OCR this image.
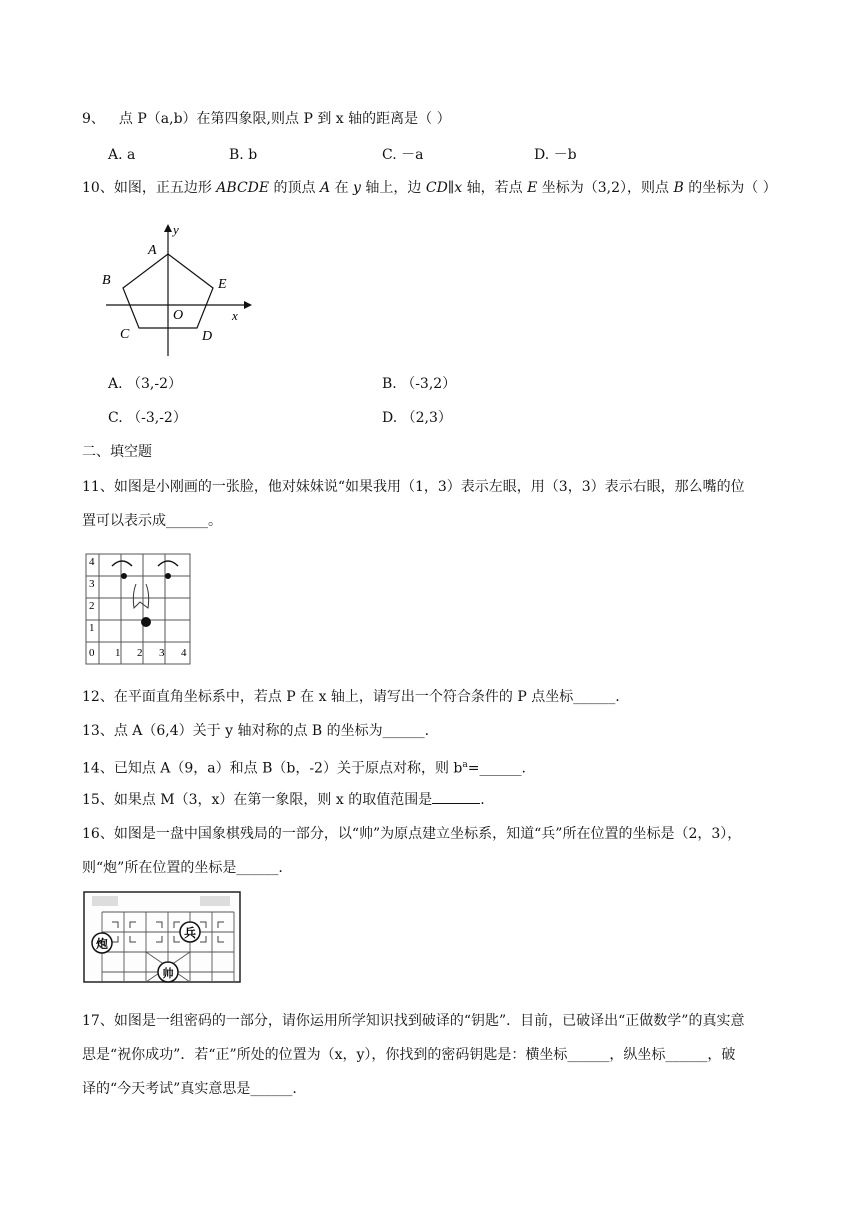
9、 点 P（a,b）在第四象限,则点 P 到 x 轴的距离是（ ）
A. a	B. b	C. －a	D. －b
10、如图，正五边形 ABCDE 的顶点 A 在 y 轴上，边 CD∥x 轴，若点 E 坐标为（3,2），则点 B 的坐标为（ ）
A
B	E
O
C	D
x
y
A. （3,-2）	B. （-3,2）
C. （-3,-2）	D. （2,3）
二、填空题
11、如图是小刚画的一张脸，他对妹妹说“如果我用（1，3）表示左眼，用（3，3）表示右眼，那么嘴的位
置可以表示成______。
4
3
2
1
0 1 2 3 4
12、在平面直角坐标系中，若点 P 在 x 轴上，请写出一个符合条件的 P 点坐标______.
13、点 A（6,4）关于 y 轴对称的点 B 的坐标为______.
14、已知点 A（9，a）和点 B（b，-2）关于原点对称，则 $b^a=\_\_\_\_\_\_$.
15、如果点 M（3，x）在第一象限，则 x 的取值范围是	.
16、如图是一盘中国象棋残局的一部分，以“帅”为原点建立坐标系，知道“兵”所在位置的坐标是（2，3），
则“炮”所在位置的坐标是______.
炮
兵
帅
17、如图是一组密码的一部分，请你运用所学知识找到破译的“钥匙”．目前，已破译出“正做数学”的真实意
思是“祝你成功”．若“正”所处的位置为（x，y），你找到的密码钥匙是：横坐标______，纵坐标______，破
译的“今天考试”真实意思是______.
